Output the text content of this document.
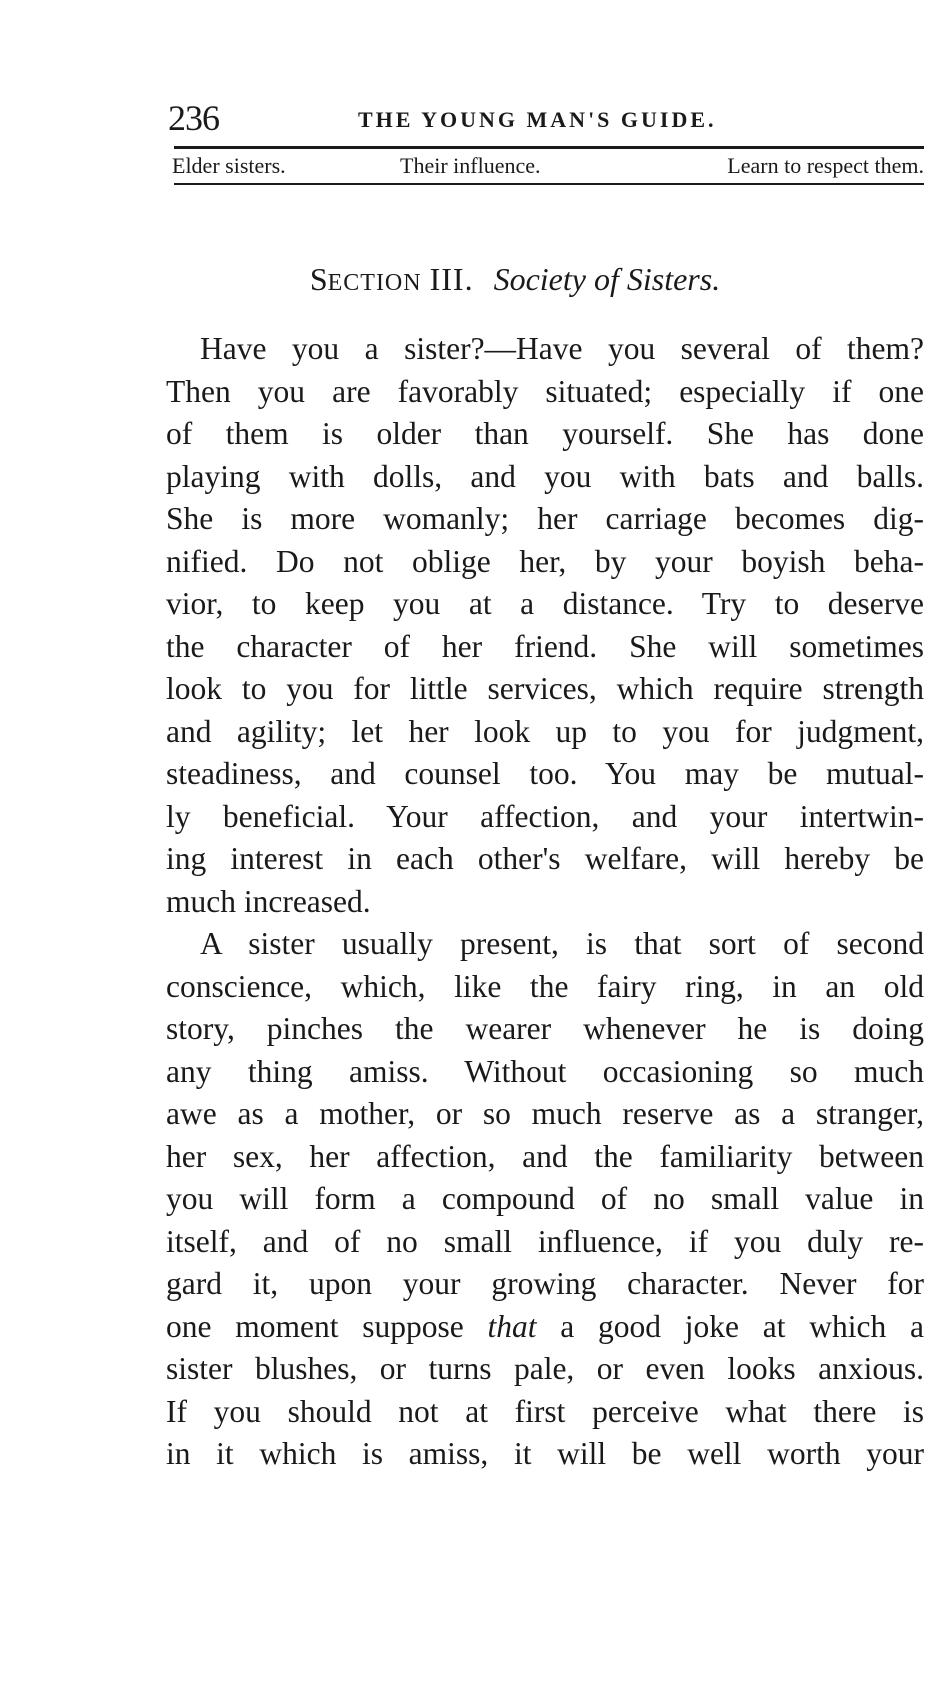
236	THE YOUNG MAN'S GUIDE.
Elder sisters.	Their influence.	Learn to respect them.
SECTION III. Society of Sisters.
Have you a sister?—Have you several of them?
Then you are favorably situated; especially if one
of them is older than yourself. She has done
playing with dolls, and you with bats and balls.
She is more womanly; her carriage becomes dig-
nified. Do not oblige her, by your boyish beha-
vior, to keep you at a distance. Try to deserve
the character of her friend. She will sometimes
look to you for little services, which require strength
and agility; let her look up to you for judgment,
steadiness, and counsel too. You may be mutual-
ly beneficial. Your affection, and your intertwin-
ing interest in each other's welfare, will hereby be
much increased.
A sister usually present, is that sort of second
conscience, which, like the fairy ring, in an old
story, pinches the wearer whenever he is doing
any thing amiss. Without occasioning so much
awe as a mother, or so much reserve as a stranger,
her sex, her affection, and the familiarity between
you will form a compound of no small value in
itself, and of no small influence, if you duly re-
gard it, upon your growing character. Never for
one moment suppose that a good joke at which a
sister blushes, or turns pale, or even looks anxious.
If you should not at first perceive what there is
in it which is amiss, it will be well worth your
